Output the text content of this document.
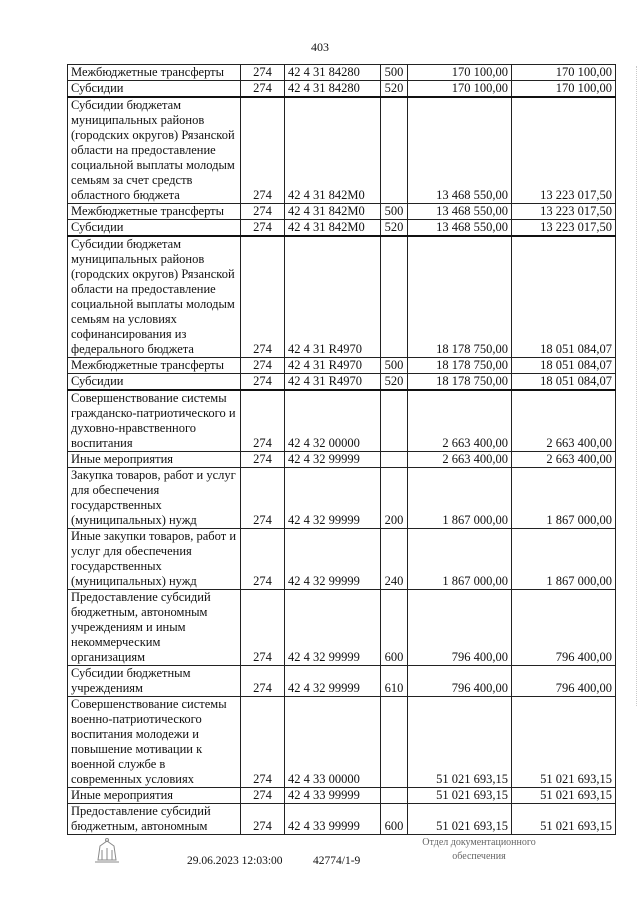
403
Межбюджетные трансферты	274	42 4 31 84280	500	170 100,00	170 100,00
Субсидии	274	42 4 31 84280	520	170 100,00	170 100,00
Субсидии бюджетам муниципальных районов (городских округов) Рязанской области на предоставление социальной выплаты молодым семьям за счет средств областного бюджета	274	42 4 31 842М0		13 468 550,00	13 223 017,50
Межбюджетные трансферты	274	42 4 31 842М0	500	13 468 550,00	13 223 017,50
Субсидии	274	42 4 31 842М0	520	13 468 550,00	13 223 017,50
Субсидии бюджетам муниципальных районов (городских округов) Рязанской области на предоставление социальной выплаты молодым семьям на условиях софинансирования из федерального бюджета	274	42 4 31 R4970		18 178 750,00	18 051 084,07
Межбюджетные трансферты	274	42 4 31 R4970	500	18 178 750,00	18 051 084,07
Субсидии	274	42 4 31 R4970	520	18 178 750,00	18 051 084,07
Совершенствование системы гражданско-патриотического и духовно-нравственного воспитания	274	42 4 32 00000		2 663 400,00	2 663 400,00
Иные мероприятия	274	42 4 32 99999		2 663 400,00	2 663 400,00
Закупка товаров, работ и услуг для обеспечения государственных (муниципальных) нужд	274	42 4 32 99999	200	1 867 000,00	1 867 000,00
Иные закупки товаров, работ и услуг для обеспечения государственных (муниципальных) нужд	274	42 4 32 99999	240	1 867 000,00	1 867 000,00
Предоставление субсидий бюджетным, автономным учреждениям и иным некоммерческим организациям	274	42 4 32 99999	600	796 400,00	796 400,00
Субсидии бюджетным учреждениям	274	42 4 32 99999	610	796 400,00	796 400,00
Совершенствование системы военно-патриотического воспитания молодежи и повышение мотивации к военной службе в современных условиях	274	42 4 33 00000		51 021 693,15	51 021 693,15
Иные мероприятия	274	42 4 33 99999		51 021 693,15	51 021 693,15
Предоставление субсидий бюджетным, автономным	274	42 4 33 99999	600	51 021 693,15	51 021 693,15
29.06.2023 12:03:00	42774/1-9
Отдел документационного
обеспечения
